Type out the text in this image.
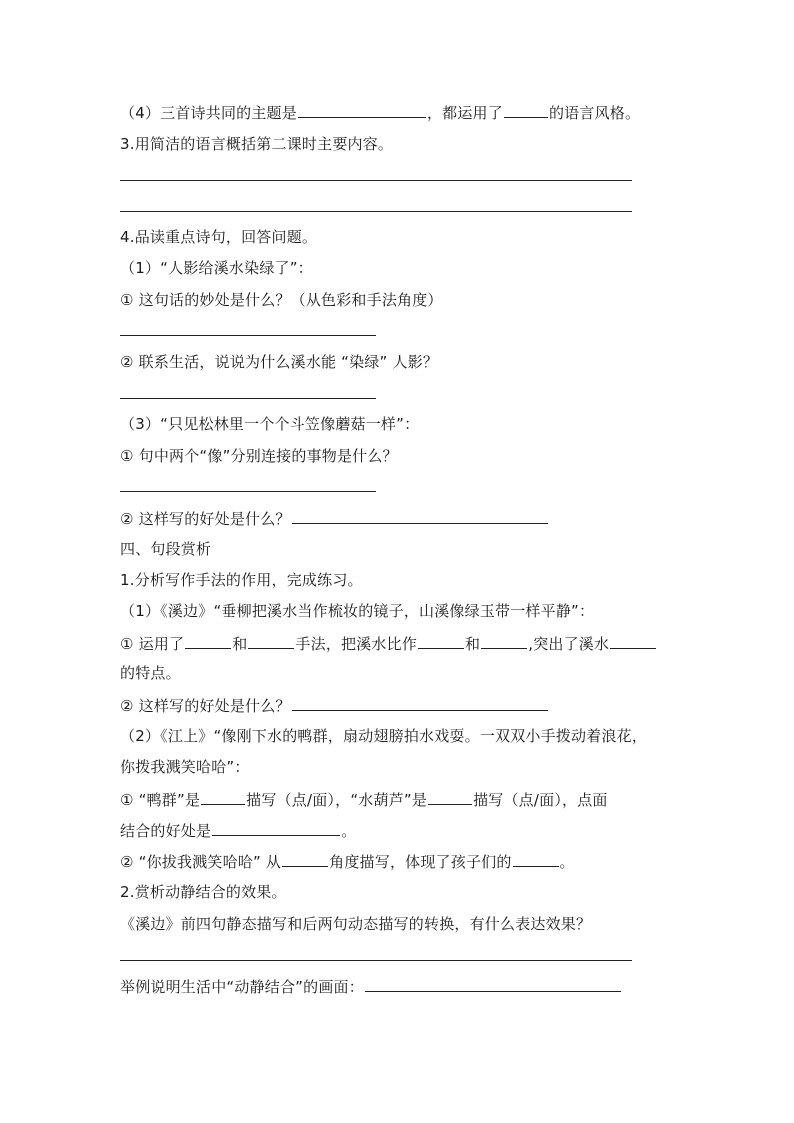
（4）三首诗共同的主题是	，都运用了	的语言风格。
3.用简洁的语言概括第二课时主要内容。
4.品读重点诗句，回答问题。
（1）“人影给溪水染绿了”：
① 这句话的妙处是什么？（从色彩和手法角度）
② 联系生活，说说为什么溪水能 “染绿” 人影？
（3）“只见松林里一个个斗笠像蘑菇一样”：
① 句中两个“像”分别连接的事物是什么？
② 这样写的好处是什么？
四、句段赏析
1.分析写作手法的作用，完成练习。
（1）《溪边》“垂柳把溪水当作梳妆的镜子，山溪像绿玉带一样平静”：
① 运用了	和	手法，把溪水比作	和	,突出了溪水
的特点。
② 这样写的好处是什么？
（2）《江上》“像刚下水的鸭群，扇动翅膀拍水戏耍。一双双小手拨动着浪花，
你拨我溅笑哈哈”：
① “鸭群”是	描写（点/面），“水葫芦”是	描写（点/面），点面
结合的好处是	。
② “你拔我溅笑哈哈” 从	角度描写，体现了孩子们的	。
2.赏析动静结合的效果。
《溪边》前四句静态描写和后两句动态描写的转换，有什么表达效果？
举例说明生活中“动静结合”的画面：
